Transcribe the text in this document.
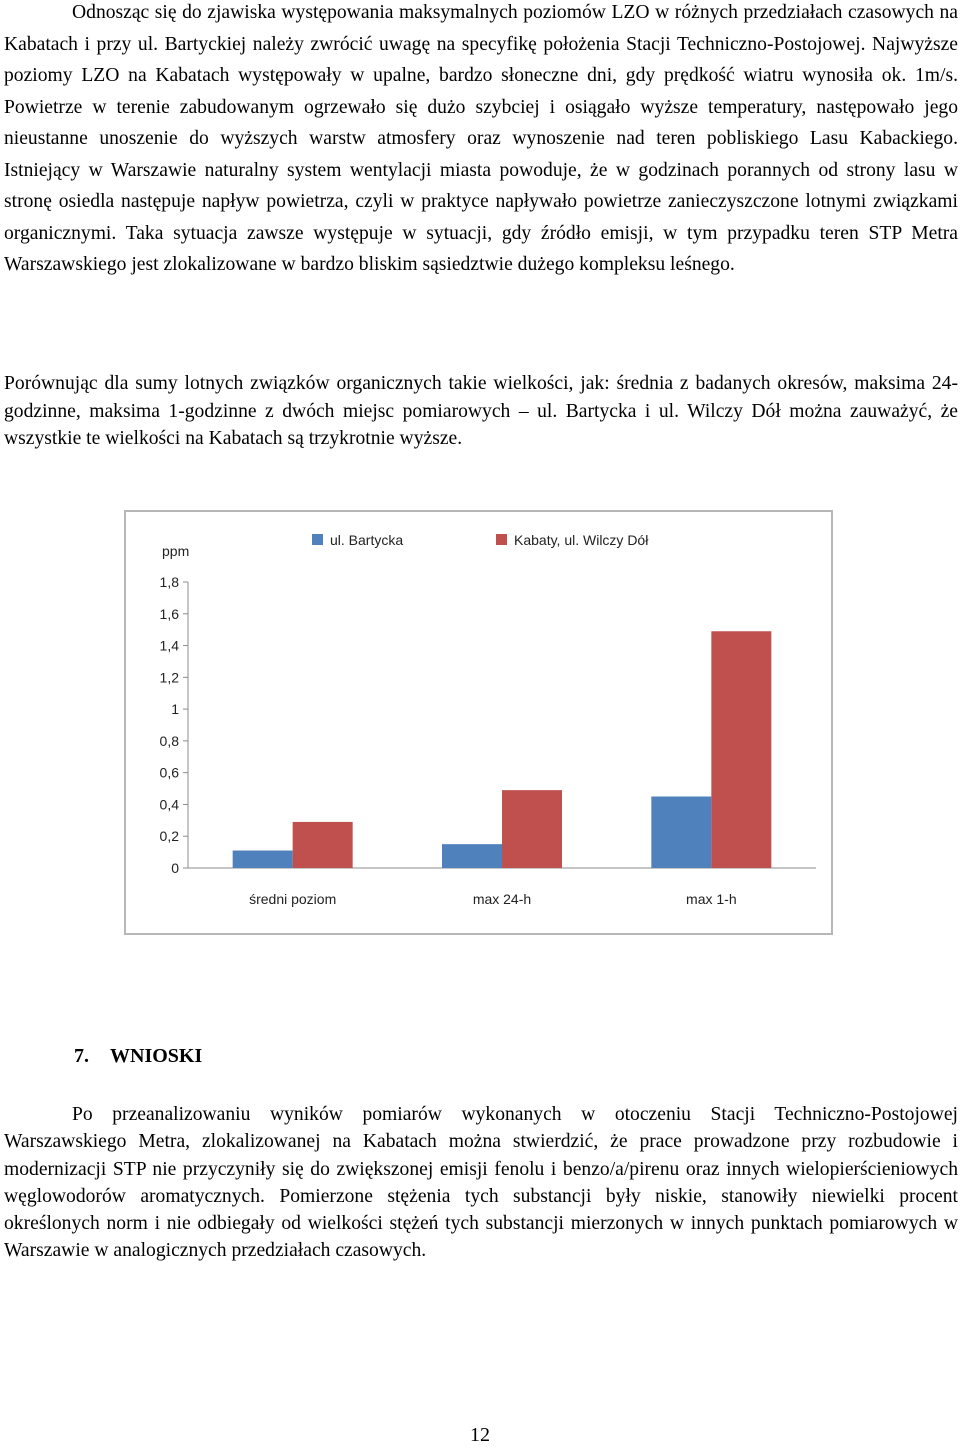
Odnosząc się do zjawiska występowania maksymalnych poziomów LZO w różnych przedziałach czasowych na Kabatach i przy ul. Bartyckiej należy zwrócić uwagę na specyfikę położenia Stacji Techniczno-Postojowej. Najwyższe poziomy LZO na Kabatach występowały w upalne, bardzo słoneczne dni, gdy prędkość wiatru wynosiła ok. 1m/s. Powietrze w terenie zabudowanym ogrzewało się dużo szybciej i osiągało wyższe temperatury, następowało jego nieustanne unoszenie do wyższych warstw atmosfery oraz wynoszenie nad teren pobliskiego Lasu Kabackiego. Istniejący w Warszawie naturalny system wentylacji miasta powoduje, że w godzinach porannych od strony lasu w stronę osiedla następuje napływ powietrza, czyli w praktyce napływało powietrze zanieczyszczone lotnymi związkami organicznymi. Taka sytuacja zawsze występuje w sytuacji, gdy źródło emisji, w tym przypadku teren STP Metra Warszawskiego jest zlokalizowane w bardzo bliskim sąsiedztwie dużego kompleksu leśnego.

Porównując dla sumy lotnych związków organicznych takie wielkości, jak: średnia z badanych okresów, maksima 24-godzinne, maksima 1-godzinne z dwóch miejsc pomiarowych – ul. Bartycka i ul. Wilczy Dół można zauważyć, że wszystkie te wielkości na Kabatach są trzykrotnie wyższe.

ppm
0
0,2
0,4
0,6
0,8
1
1,2
1,4
1,6
1,8
średni poziom	max 24-h	max 1-h
ul. Bartycka	Kabaty, ul. Wilczy Dół
7. WNIOSKI

Po przeanalizowaniu wyników pomiarów wykonanych w otoczeniu Stacji Techniczno-Postojowej Warszawskiego Metra, zlokalizowanej na Kabatach można stwierdzić, że prace prowadzone przy rozbudowie i modernizacji STP nie przyczyniły się do zwiększonej emisji fenolu i benzo/a/pirenu oraz innych wielopierścieniowych węglowodorów aromatycznych. Pomierzone stężenia tych substancji były niskie, stanowiły niewielki procent określonych norm i nie odbiegały od wielkości stężeń tych substancji mierzonych w innych punktach pomiarowych w Warszawie w analogicznych przedziałach czasowych.

12
